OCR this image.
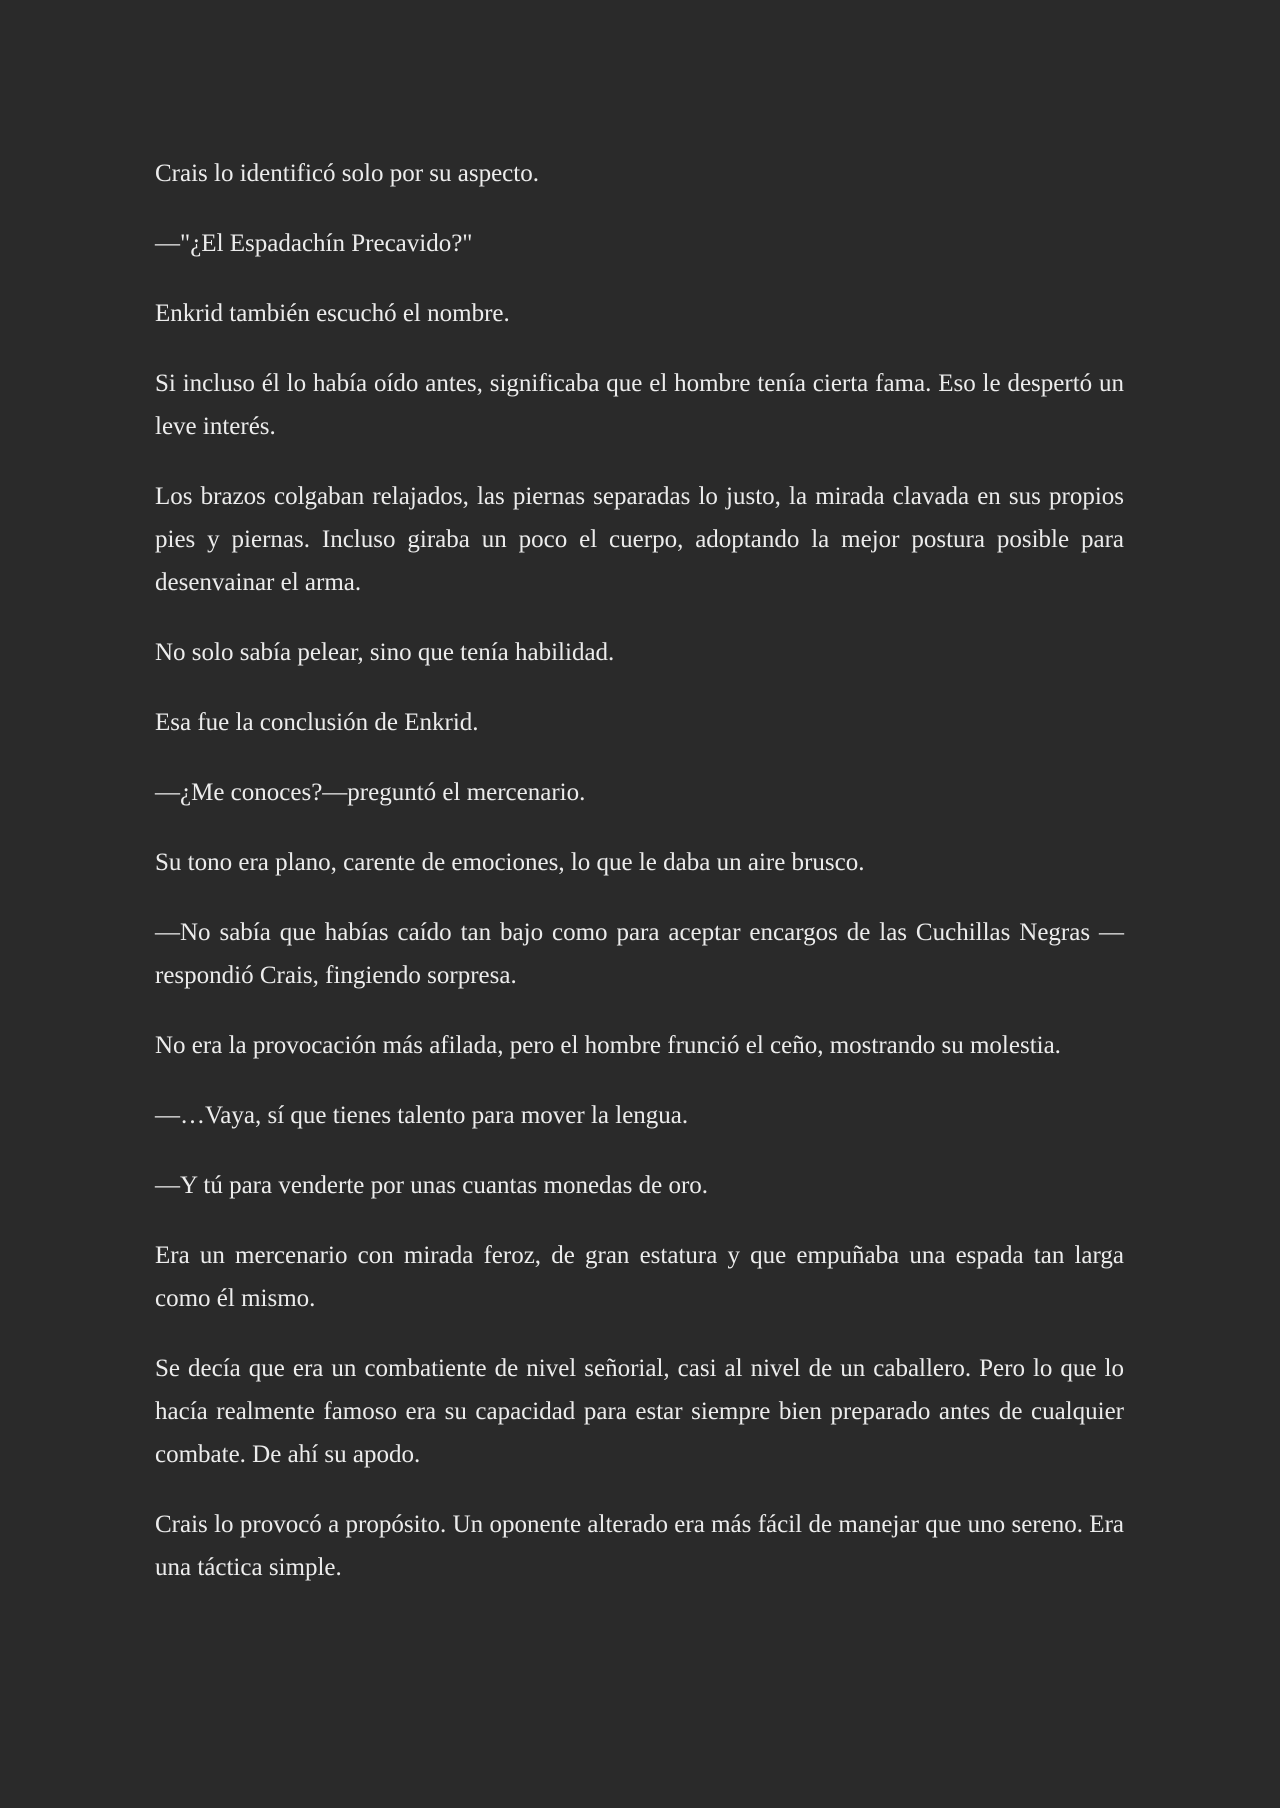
Crais lo identificó solo por su aspecto.

—"¿El Espadachín Precavido?"

Enkrid también escuchó el nombre.

Si incluso él lo había oído antes, significaba que el hombre tenía cierta fama. Eso le despertó un leve interés.

Los brazos colgaban relajados, las piernas separadas lo justo, la mirada clavada en sus propios pies y piernas. Incluso giraba un poco el cuerpo, adoptando la mejor postura posible para desenvainar el arma.

No solo sabía pelear, sino que tenía habilidad.

Esa fue la conclusión de Enkrid.

—¿Me conoces?—preguntó el mercenario.

Su tono era plano, carente de emociones, lo que le daba un aire brusco.

—No sabía que habías caído tan bajo como para aceptar encargos de las Cuchillas Negras —respondió Crais, fingiendo sorpresa.

No era la provocación más afilada, pero el hombre frunció el ceño, mostrando su molestia.

—…Vaya, sí que tienes talento para mover la lengua.

—Y tú para venderte por unas cuantas monedas de oro.

Era un mercenario con mirada feroz, de gran estatura y que empuñaba una espada tan larga como él mismo.

Se decía que era un combatiente de nivel señorial, casi al nivel de un caballero. Pero lo que lo hacía realmente famoso era su capacidad para estar siempre bien preparado antes de cualquier combate. De ahí su apodo.

Crais lo provocó a propósito. Un oponente alterado era más fácil de manejar que uno sereno. Era una táctica simple.
